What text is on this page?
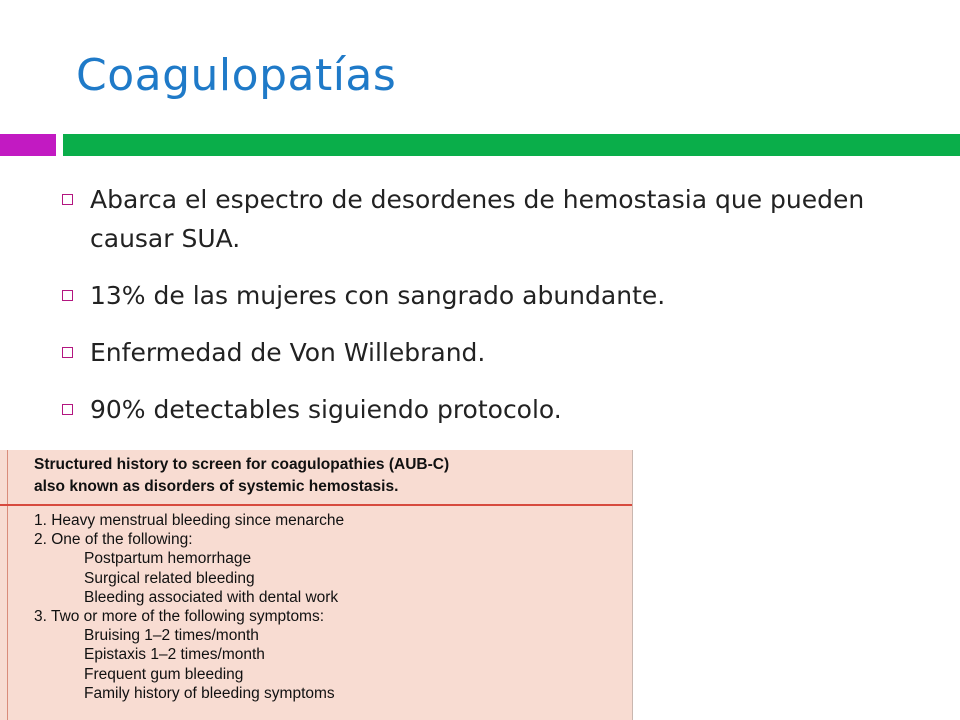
Coagulopatías
Abarca el espectro de desordenes de hemostasia que pueden causar SUA.
13% de las mujeres con sangrado abundante.
Enfermedad de Von Willebrand.
90% detectables siguiendo protocolo.
Structured history to screen for coagulopathies (AUB-C)
also known as disorders of systemic hemostasis.
1. Heavy menstrual bleeding since menarche
2. One of the following:
Postpartum hemorrhage
Surgical related bleeding
Bleeding associated with dental work
3. Two or more of the following symptoms:
Bruising 1–2 times/month
Epistaxis 1–2 times/month
Frequent gum bleeding
Family history of bleeding symptoms
